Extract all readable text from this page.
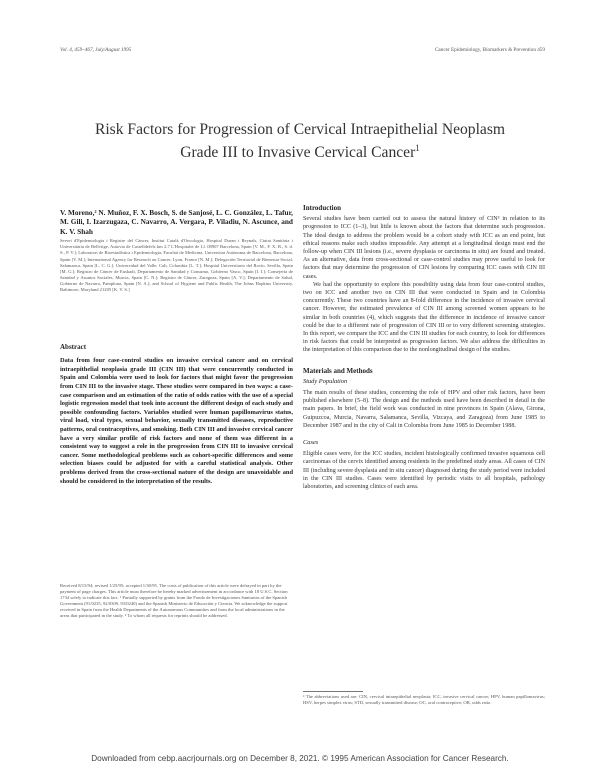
Vol. 4, 459–467, July/August 1995	Cancer Epidemiology, Biomarkers & Prevention 459
Risk Factors for Progression of Cervical Intraepithelial Neoplasm
Grade III to Invasive Cervical Cancer$^1$

V. Moreno,² N. Muñoz, F. X. Bosch, S. de Sanjosé, L. C. González, L. Tafur, M. Gili, I. Izarzugaza, C. Navarro, A. Vergara, P. Viladiu, N. Ascunce, and K. V. Shah

Servei d'Epidemiologia i Registre del Càncer, Institut Català d'Oncologia, Hospital Duran i Reynals, Ciutat Sanitària i Universitària de Bellvitge, Autovia de Castelldefels km 2.7 L'Hospitalet de Ll. 08907 Barcelona, Spain [V. M., F. X. B., S. d. S., P. V.]; Laboratori de Bioestadística i Epidemiologia, Facultat de Medicina, Universitat Autònoma de Barcelona, Barcelona, Spain [V. M.]; International Agency for Research on Cancer, Lyon, France [N. M.]; Delegación Territorial de Bienestar Social, Salamanca, Spain [L. C. G.]; Universidad del Valle, Cali, Colombia [L. T.]; Hospital Universitario del Rocío, Sevilla, Spain [M. G.]; Registro de Cáncer de Euskadi, Departamento de Sanidad y Consumo, Gobierno Vasco, Spain [I. I.]; Consejería de Sanidad y Asuntos Sociales, Murcia, Spain [C. N.]; Registro de Cáncer, Zaragoza, Spain [A. V.]; Departamento de Salud, Gobierno de Navarra, Pamplona, Spain [N. A.]; and School of Hygiene and Public Health, The Johns Hopkins University, Baltimore, Maryland 21205 [K. V. S.]

Abstract

Data from four case-control studies on invasive cervical cancer and on cervical intraepithelial neoplasia grade III (CIN III) that were concurrently conducted in Spain and Colombia were used to look for factors that might favor the progression from CIN III to the invasive stage. These studies were compared in two ways: a case-case comparison and an estimation of the ratio of odds ratios with the use of a special logistic regression model that took into account the different design of each study and possible confounding factors. Variables studied were human papillomavirus status, viral load, viral types, sexual behavior, sexually transmitted diseases, reproductive patterns, oral contraceptives, and smoking. Both CIN III and invasive cervical cancer have a very similar profile of risk factors and none of them was different in a consistent way to suggest a role in the progression from CIN III to invasive cervical cancer. Some methodological problems such as cohort-specific differences and some selection biases could be adjusted for with a careful statistical analysis. Other problems derived from the cross-sectional nature of the design are unavoidable and should be considered in the interpretation of the results.

Received 8/15/94; revised 1/25/95; accepted 1/30/95. The costs of publication of this article were defrayed in part by the payment of page charges. This article must therefore be hereby marked advertisement in accordance with 18 U.S.C. Section 1734 solely to indicate this fact. ¹ Partially supported by grants from the Fondo de Investigaciones Sanitarias of the Spanish Government (91/0235, 92/0309, 93/0240) and the Spanish Ministerio de Educación y Ciencia. We acknowledge the support received in Spain from the Health Departments of the Autonomous Communities and from the local administrations in the areas that participated in the study. ² To whom all requests for reprints should be addressed.
Introduction

Several studies have been carried out to assess the natural history of CIN³ in relation to its progression to ICC (1–3), but little is known about the factors that determine such progression. The ideal design to address the problem would be a cohort study with ICC as an end point, but ethical reasons make such studies impossible. Any attempt at a longitudinal design must end the follow-up when CIN III lesions (i.e., severe dysplasia or carcinoma in situ) are found and treated. As an alternative, data from cross-sectional or case-control studies may prove useful to look for factors that may determine the progression of CIN lesions by comparing ICC cases with CIN III cases.

We had the opportunity to explore this possibility using data from four case-control studies, two on ICC and another two on CIN III that were conducted in Spain and in Colombia concurrently. These two countries have an 8-fold difference in the incidence of invasive cervical cancer. However, the estimated prevalence of CIN III among screened women appears to be similar in both countries (4), which suggests that the difference in incidence of invasive cancer could be due to a different rate of progression of CIN III or to very different screening strategies. In this report, we compare the ICC and the CIN III studies for each country, to look for differences in risk factors that could be interpreted as progression factors. We also address the difficulties in the interpretation of this comparison due to the nonlongitudinal design of the studies.

Materials and Methods
Study Population

The main results of these studies, concerning the role of HPV and other risk factors, have been published elsewhere (5–8). The design and the methods used have been described in detail in the main papers. In brief, the field work was conducted in nine provinces in Spain (Alava, Girona, Guipuzcoa, Murcia, Navarra, Salamanca, Sevilla, Vizcaya, and Zaragoza) from June 1985 to December 1987 and in the city of Cali in Colombia from June 1985 to December 1988.

Cases

Eligible cases were, for the ICC studies, incident histologically confirmed invasive squamous cell carcinomas of the cervix identified among residents in the predefined study areas. All cases of CIN III (including severe dysplasia and in situ cancer) diagnosed during the study period were included in the CIN III studies. Cases were identified by periodic visits to all hospitals, pathology laboratories, and screening clinics of each area.

³ The abbreviations used are: CIN, cervical intraepithelial neoplasia; ICC, invasive cervical cancer; HPV, human papillomavirus; HSV, herpes simplex virus; STD, sexually transmitted disease; OC, oral contraceptive; OR, odds ratio.
Downloaded from cebp.aacrjournals.org on December 8, 2021. © 1995 American Association for Cancer Research.
